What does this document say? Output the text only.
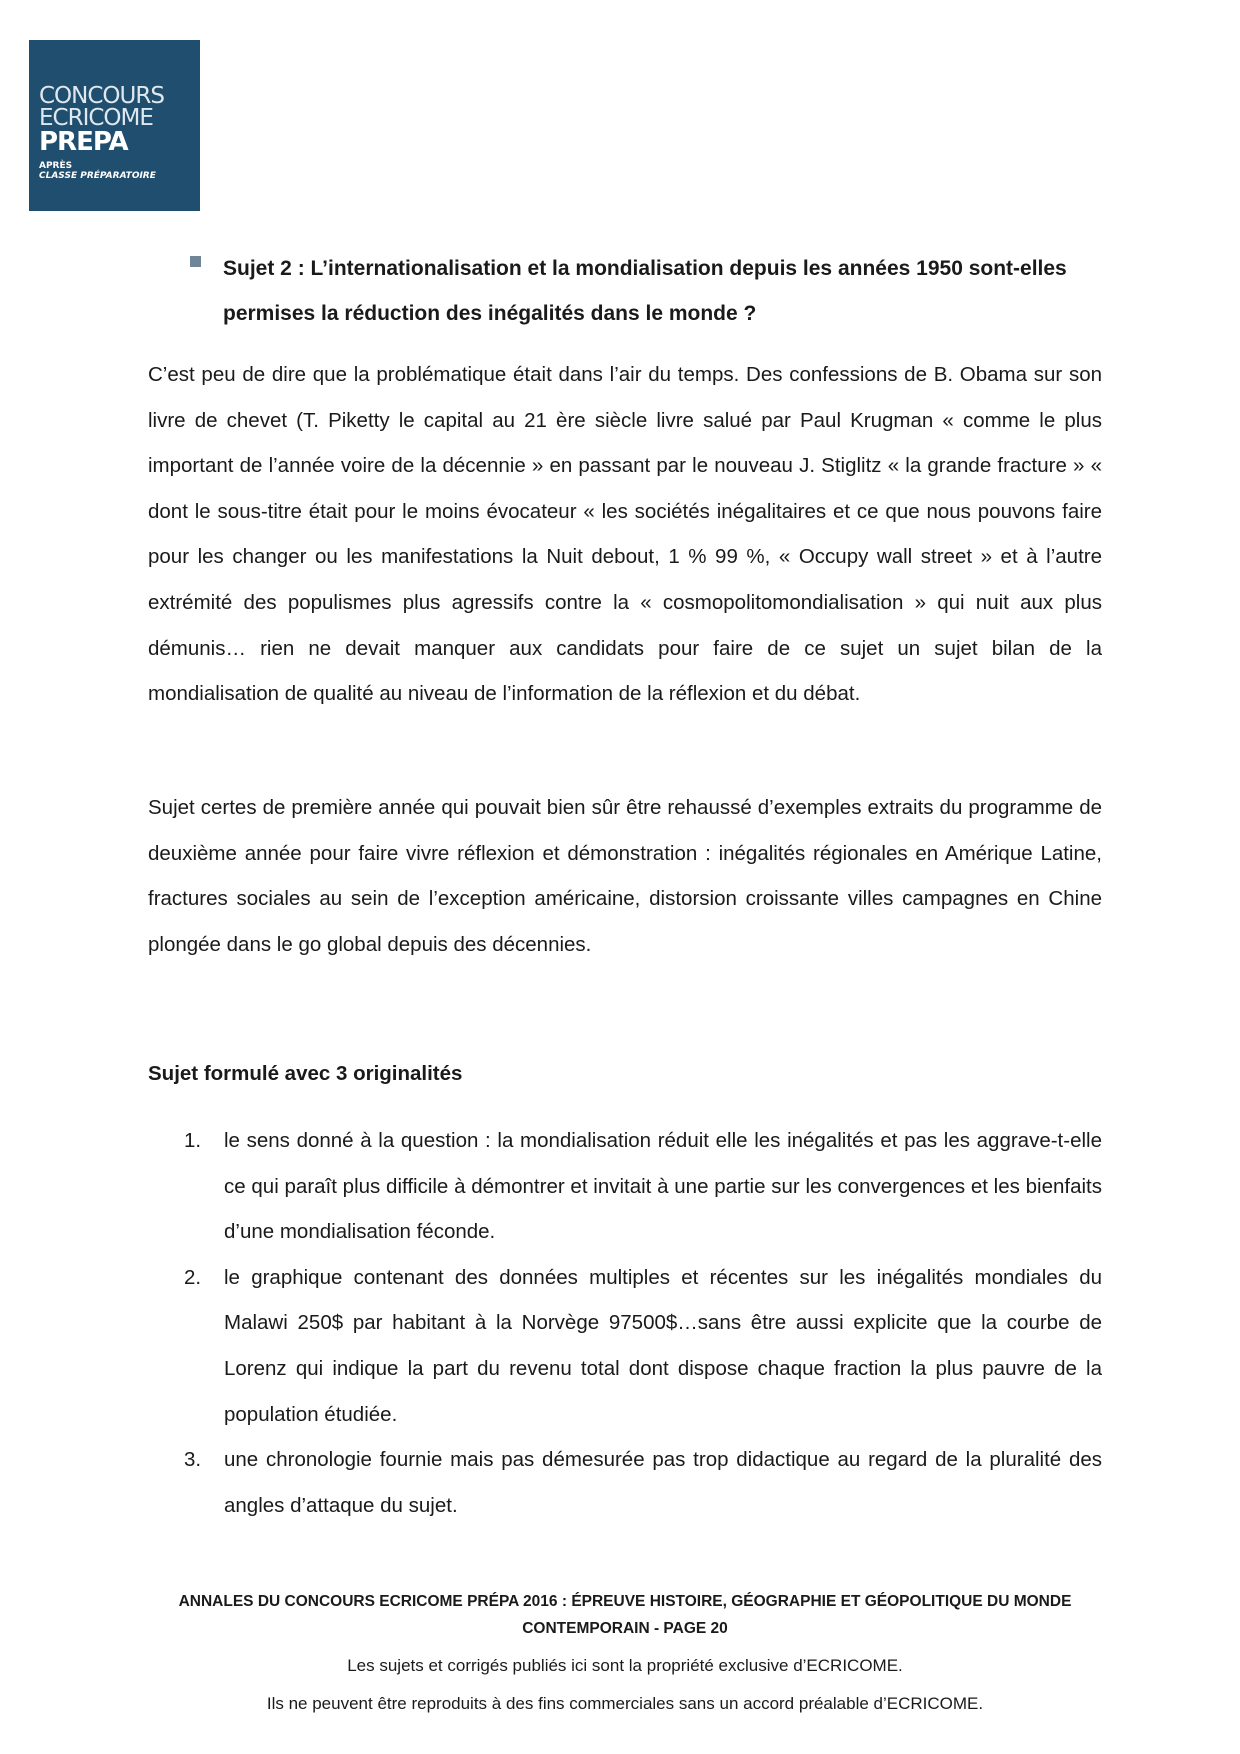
CONCOURS
ECRICOME
PREPA
APRÈS
CLASSE PRÉPARATOIRE
Sujet 2 : L’internationalisation et la mondialisation depuis les années 1950 sont-elles permises la réduction des inégalités dans le monde ?

C’est peu de dire que la problématique était dans l’air du temps. Des confessions de B. Obama sur son livre de chevet (T. Piketty le capital au 21 ère siècle livre salué par Paul Krugman « comme le plus important de l’année voire de la décennie » en passant par le nouveau J. Stiglitz « la grande fracture » « dont le sous-titre était pour le moins évocateur « les sociétés inégalitaires et ce que nous pouvons faire pour les changer ou les manifestations la Nuit debout, 1 % 99 %, « Occupy wall street » et à l’autre extrémité des populismes plus agressifs contre la « cosmopolitomondialisation » qui nuit aux plus démunis… rien ne devait manquer aux candidats pour faire de ce sujet un sujet bilan de la mondialisation de qualité au niveau de l’information de la réflexion et du débat.

Sujet certes de première année qui pouvait bien sûr être rehaussé d’exemples extraits du programme de deuxième année pour faire vivre réflexion et démonstration : inégalités régionales en Amérique Latine, fractures sociales au sein de l’exception américaine, distorsion croissante villes campagnes en Chine plongée dans le go global depuis des décennies.

Sujet formulé avec 3 originalités
1. le sens donné à la question : la mondialisation réduit elle les inégalités et pas les aggrave-t-elle ce qui paraît plus difficile à démontrer et invitait à une partie sur les convergences et les bienfaits d’une mondialisation féconde.
2. le graphique contenant des données multiples et récentes sur les inégalités mondiales du Malawi 250$ par habitant à la Norvège 97500$…sans être aussi explicite que la courbe de Lorenz qui indique la part du revenu total dont dispose chaque fraction la plus pauvre de la population étudiée.
3. une chronologie fournie mais pas démesurée pas trop didactique au regard de la pluralité des angles d’attaque du sujet.
ANNALES DU CONCOURS ECRICOME PRÉPA 2016 : ÉPREUVE HISTOIRE, GÉOGRAPHIE ET GÉOPOLITIQUE DU MONDE
CONTEMPORAIN - PAGE 20
Les sujets et corrigés publiés ici sont la propriété exclusive d’ECRICOME.
Ils ne peuvent être reproduits à des fins commerciales sans un accord préalable d’ECRICOME.
